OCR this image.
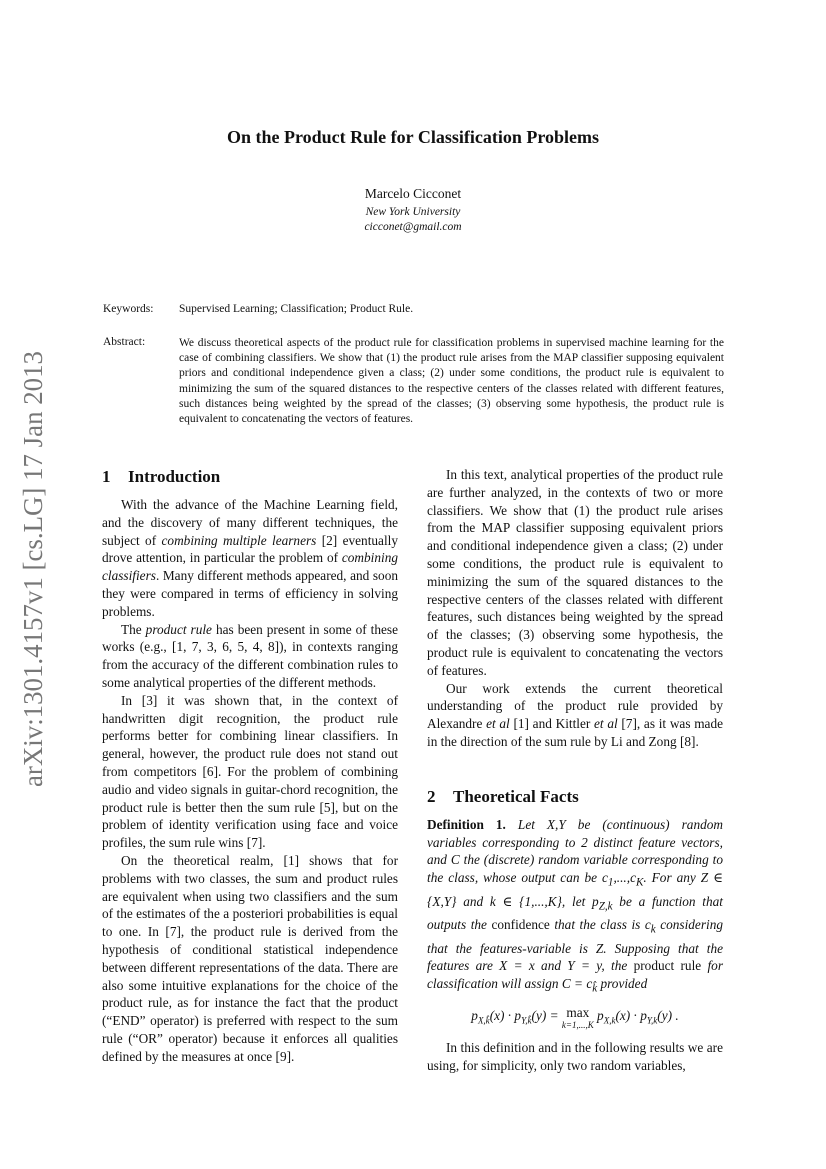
arXiv:1301.4157v1 [cs.LG] 17 Jan 2013
On the Product Rule for Classification Problems
Marcelo Cicconet
New York University
cicconet@gmail.com
Keywords: Supervised Learning; Classification; Product Rule.
Abstract:	We discuss theoretical aspects of the product rule for classification problems in supervised machine learning for the case of combining classifiers. We show that (1) the product rule arises from the MAP classifier supposing equivalent priors and conditional independence given a class; (2) under some conditions, the product rule is equivalent to minimizing the sum of the squared distances to the respective centers of the classes related with different features, such distances being weighted by the spread of the classes; (3) observing some hypothesis, the product rule is equivalent to concatenating the vectors of features.
1 Introduction

With the advance of the Machine Learning field, and the discovery of many different techniques, the subject of combining multiple learners [2] eventually drove attention, in particular the problem of combining classifiers. Many different methods appeared, and soon they were compared in terms of efficiency in solving problems.

The product rule has been present in some of these works (e.g., [1, 7, 3, 6, 5, 4, 8]), in contexts ranging from the accuracy of the different combination rules to some analytical properties of the different methods.

In [3] it was shown that, in the context of handwritten digit recognition, the product rule performs better for combining linear classifiers. In general, however, the product rule does not stand out from competitors [6]. For the problem of combining audio and video signals in guitar-chord recognition, the product rule is better then the sum rule [5], but on the problem of identity verification using face and voice profiles, the sum rule wins [7].

On the theoretical realm, [1] shows that for problems with two classes, the sum and product rules are equivalent when using two classifiers and the sum of the estimates of the a posteriori probabilities is equal to one. In [7], the product rule is derived from the hypothesis of conditional statistical independence between different representations of the data. There are also some intuitive explanations for the choice of the product rule, as for instance the fact that the product (“END” operator) is preferred with respect to the sum rule (“OR” operator) because it enforces all qualities defined by the measures at once [9].

In this text, analytical properties of the product rule are further analyzed, in the contexts of two or more classifiers. We show that (1) the product rule arises from the MAP classifier supposing equivalent priors and conditional independence given a class; (2) under some conditions, the product rule is equivalent to minimizing the sum of the squared distances to the respective centers of the classes related with different features, such distances being weighted by the spread of the classes; (3) observing some hypothesis, the product rule is equivalent to concatenating the vectors of features.

Our work extends the current theoretical understanding of the product rule provided by Alexandre et al [1] and Kittler et al [7], as it was made in the direction of the sum rule by Li and Zong [8].

2 Theoretical Facts
Definition 1. Let X,Y be (continuous) random variables corresponding to 2 distinct feature vectors, and C the (discrete) random variable corresponding to the class, whose output can be $c_1,...,c_K$. For any Z ∈ {X,Y} and k ∈ {1,...,K}, let $p_{Z,k}$ be a function that outputs the confidence that the class is $c_k$ considering that the features-variable is Z. Supposing that the features are X = x and Y = y, the product rule for classification will assign $C = c_{k̂}$ provided
$p_{X,k̂}(x) \cdot p_{Y,k̂}(y) = \max$
k=1,...,K
$p_{X,k}(x) \cdot p_{Y,k}(y)$ .

In this definition and in the following results we are using, for simplicity, only two random variables,
